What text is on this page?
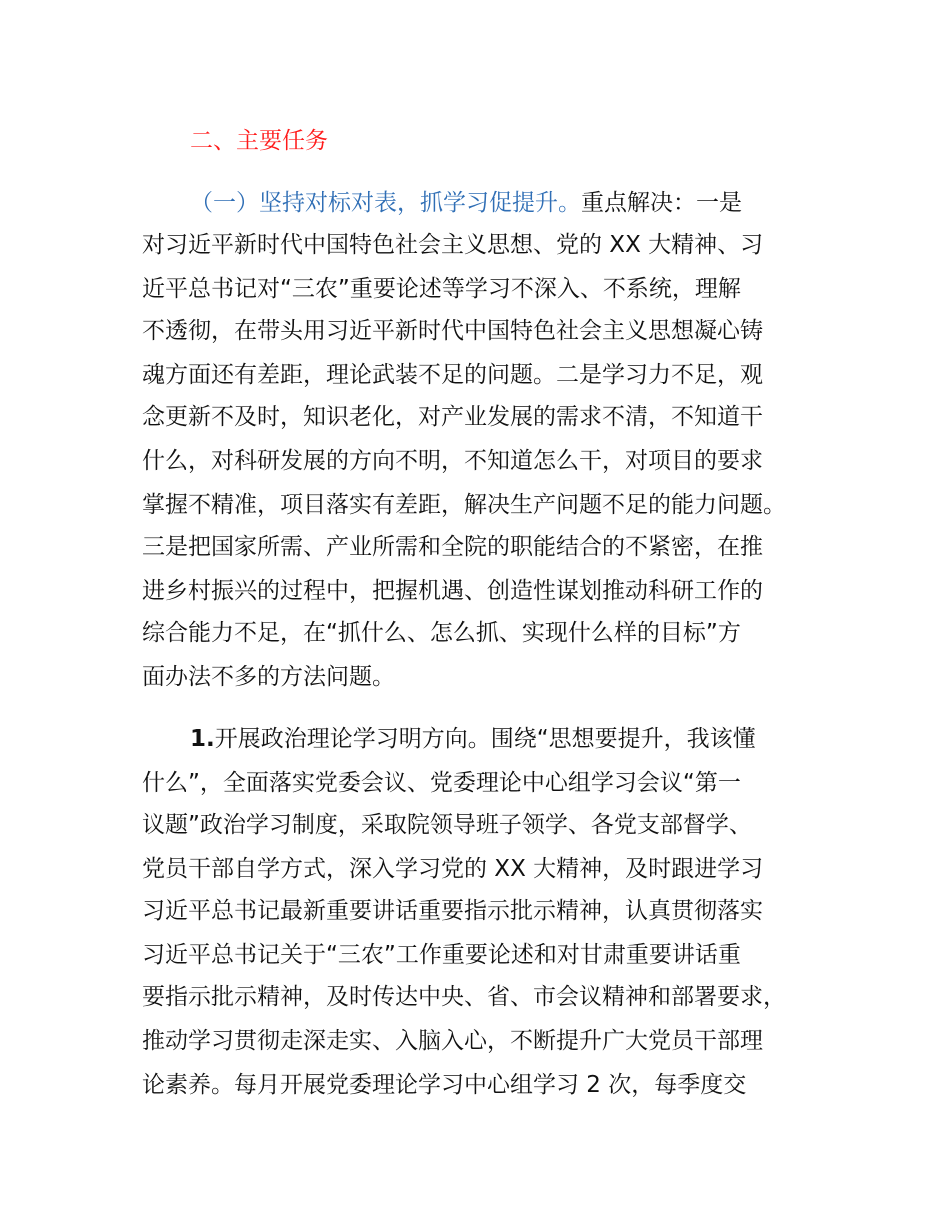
二、主要任务
（一）坚持对标对表，抓学习促提升。重点解决：一是
对习近平新时代中国特色社会主义思想、党的 XX 大精神、习
近平总书记对“三农”重要论述等学习不深入、不系统，理解
不透彻，在带头用习近平新时代中国特色社会主义思想凝心铸
魂方面还有差距，理论武装不足的问题。二是学习力不足，观
念更新不及时，知识老化，对产业发展的需求不清，不知道干
什么，对科研发展的方向不明，不知道怎么干，对项目的要求
掌握不精准，项目落实有差距，解决生产问题不足的能力问题。
三是把国家所需、产业所需和全院的职能结合的不紧密，在推
进乡村振兴的过程中，把握机遇、创造性谋划推动科研工作的
综合能力不足，在“抓什么、怎么抓、实现什么样的目标”方
面办法不多的方法问题。
1.开展政治理论学习明方向。围绕“思想要提升，我该懂
什么”，全面落实党委会议、党委理论中心组学习会议“第一
议题”政治学习制度，采取院领导班子领学、各党支部督学、
党员干部自学方式，深入学习党的 XX 大精神，及时跟进学习
习近平总书记最新重要讲话重要指示批示精神，认真贯彻落实
习近平总书记关于“三农”工作重要论述和对甘肃重要讲话重
要指示批示精神，及时传达中央、省、市会议精神和部署要求，
推动学习贯彻走深走实、入脑入心，不断提升广大党员干部理
论素养。每月开展党委理论学习中心组学习 2 次，每季度交
